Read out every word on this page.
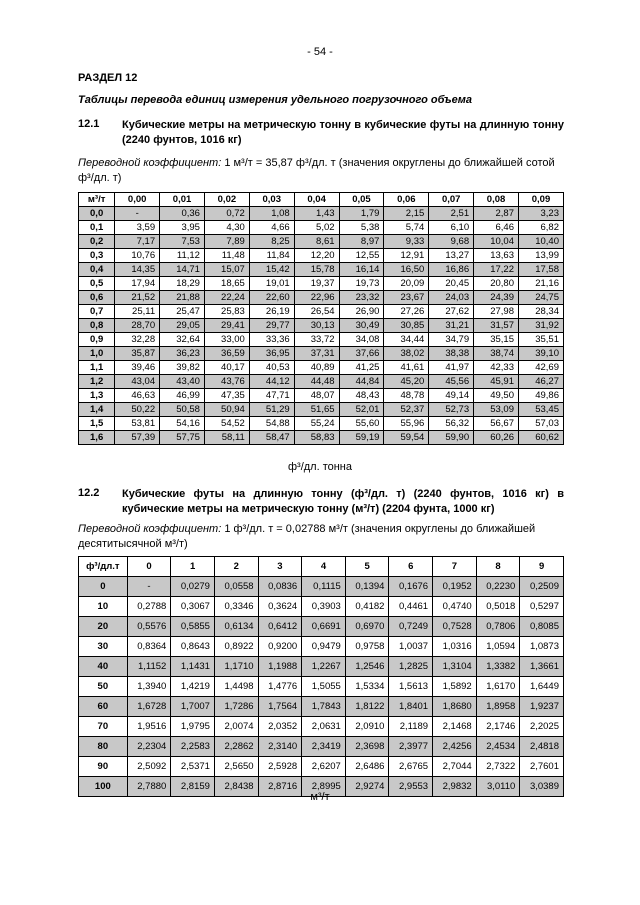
- 54 -
РАЗДЕЛ 12
Таблицы перевода единиц измерения удельного погрузочного объема
12.1 Кубические метры на метрическую тонну в кубические футы на длинную тонну (2240 фунтов, 1016 кг)
Переводной коэффициент: 1 м³/т = 35,87 ф³/дл. т (значения округлены до ближайшей сотой ф³/дл. т)
м³/т	0,00	0,01	0,02	0,03	0,04	0,05	0,06	0,07	0,08	0,09
0,0	-	0,36	0,72	1,08	1,43	1,79	2,15	2,51	2,87	3,23
0,1	3,59	3,95	4,30	4,66	5,02	5,38	5,74	6,10	6,46	6,82
0,2	7,17	7,53	7,89	8,25	8,61	8,97	9,33	9,68	10,04	10,40
0,3	10,76	11,12	11,48	11,84	12,20	12,55	12,91	13,27	13,63	13,99
0,4	14,35	14,71	15,07	15,42	15,78	16,14	16,50	16,86	17,22	17,58
0,5	17,94	18,29	18,65	19,01	19,37	19,73	20,09	20,45	20,80	21,16
0,6	21,52	21,88	22,24	22,60	22,96	23,32	23,67	24,03	24,39	24,75
0,7	25,11	25,47	25,83	26,19	26,54	26,90	27,26	27,62	27,98	28,34
0,8	28,70	29,05	29,41	29,77	30,13	30,49	30,85	31,21	31,57	31,92
0,9	32,28	32,64	33,00	33,36	33,72	34,08	34,44	34,79	35,15	35,51
1,0	35,87	36,23	36,59	36,95	37,31	37,66	38,02	38,38	38,74	39,10
1,1	39,46	39,82	40,17	40,53	40,89	41,25	41,61	41,97	42,33	42,69
1,2	43,04	43,40	43,76	44,12	44,48	44,84	45,20	45,56	45,91	46,27
1,3	46,63	46,99	47,35	47,71	48,07	48,43	48,78	49,14	49,50	49,86
1,4	50,22	50,58	50,94	51,29	51,65	52,01	52,37	52,73	53,09	53,45
1,5	53,81	54,16	54,52	54,88	55,24	55,60	55,96	56,32	56,67	57,03
1,6	57,39	57,75	58,11	58,47	58,83	59,19	59,54	59,90	60,26	60,62
ф³/дл. тонна
12.2 Кубические футы на длинную тонну (ф³/дл. т) (2240 фунтов, 1016 кг) в кубические метры на метрическую тонну (м³/т) (2204 фунта, 1000 кг)
Переводной коэффициент: 1 ф³/дл. т = 0,02788 м³/т (значения округлены до ближайшей десятитысячной м³/т)
ф³/дл.т	0	1	2	3	4	5	6	7	8	9
0	-	0,0279	0,0558	0,0836	0,1115	0,1394	0,1676	0,1952	0,2230	0,2509
10	0,2788	0,3067	0,3346	0,3624	0,3903	0,4182	0,4461	0,4740	0,5018	0,5297
20	0,5576	0,5855	0,6134	0,6412	0,6691	0,6970	0,7249	0,7528	0,7806	0,8085
30	0,8364	0,8643	0,8922	0,9200	0,9479	0,9758	1,0037	1,0316	1,0594	1,0873
40	1,1152	1,1431	1,1710	1,1988	1,2267	1,2546	1,2825	1,3104	1,3382	1,3661
50	1,3940	1,4219	1,4498	1,4776	1,5055	1,5334	1,5613	1,5892	1,6170	1,6449
60	1,6728	1,7007	1,7286	1,7564	1,7843	1,8122	1,8401	1,8680	1,8958	1,9237
70	1,9516	1,9795	2,0074	2,0352	2,0631	2,0910	2,1189	2,1468	2,1746	2,2025
80	2,2304	2,2583	2,2862	2,3140	2,3419	2,3698	2,3977	2,4256	2,4534	2,4818
90	2,5092	2,5371	2,5650	2,5928	2,6207	2,6486	2,6765	2,7044	2,7322	2,7601
100	2,7880	2,8159	2,8438	2,8716	2,8995	2,9274	2,9553	2,9832	3,0110	3,0389
м³/т
